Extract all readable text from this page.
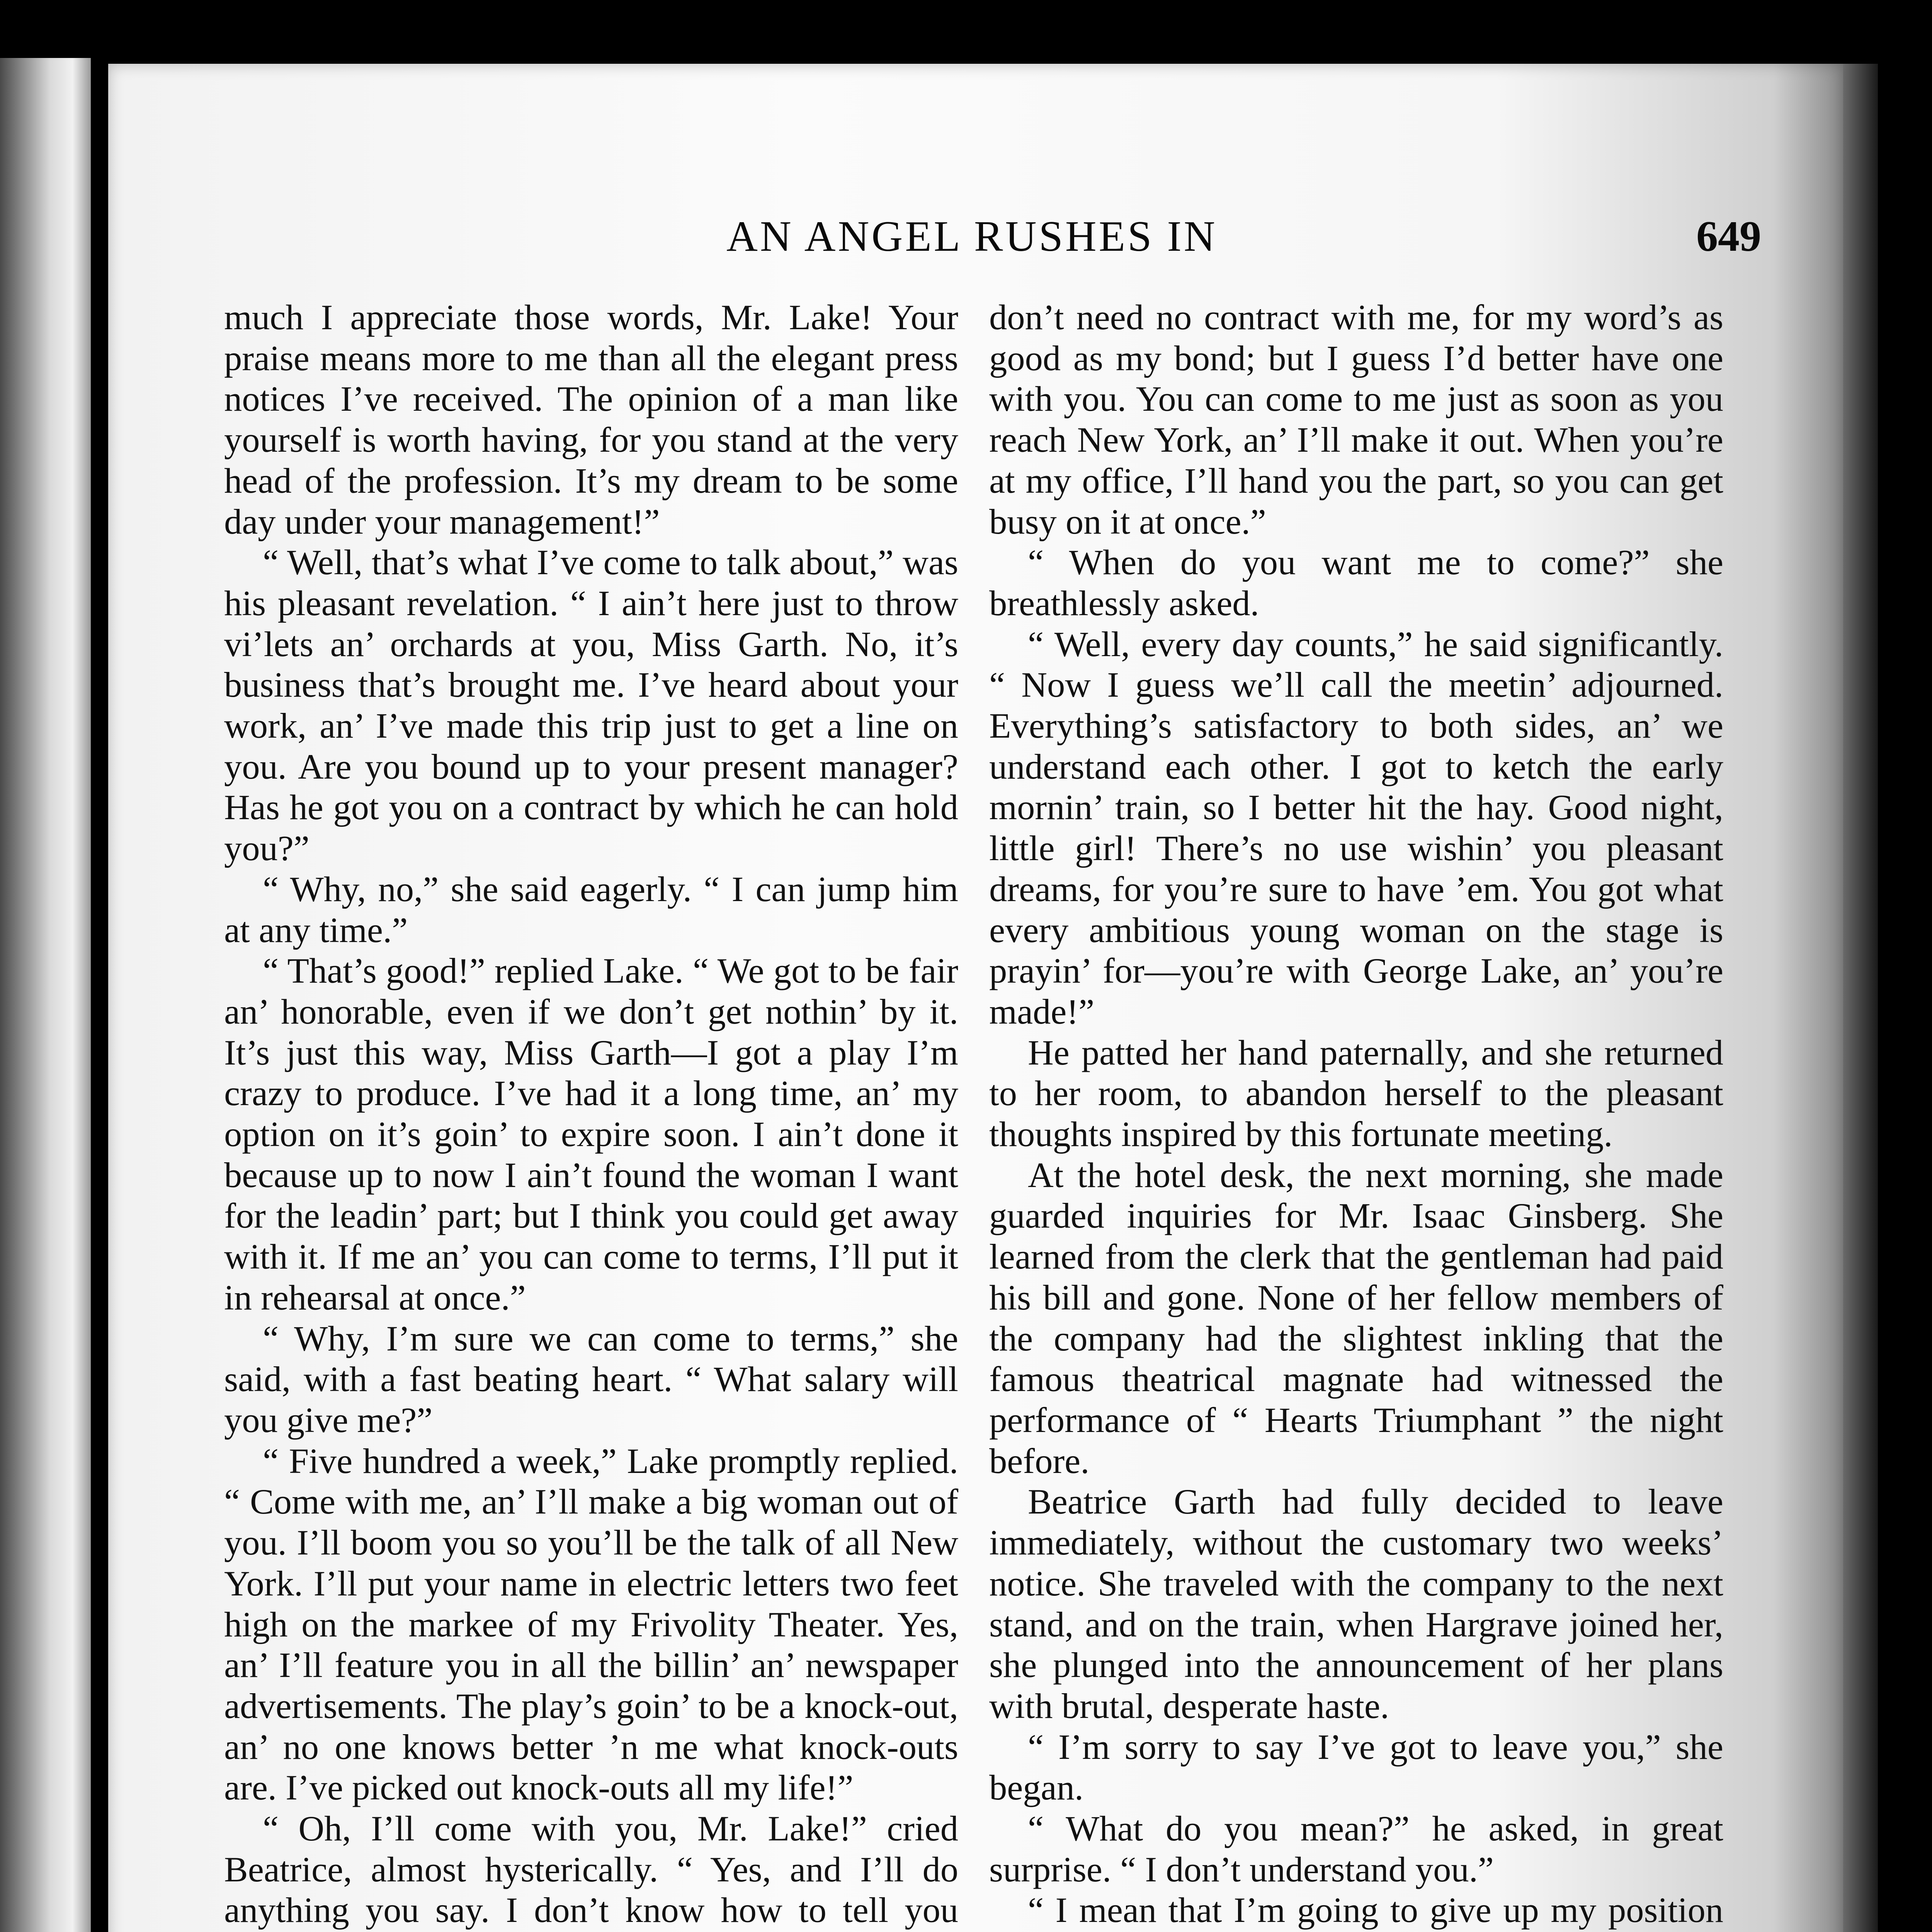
AN ANGEL RUSHES IN	649

much I appreciate those words, Mr. Lake! Your praise means more to me than all the elegant press notices I’ve received. The opinion of a man like yourself is worth having, for you stand at the very head of the profession. It’s my dream to be some day under your management!”

“ Well, that’s what I’ve come to talk about,” was his pleasant revelation. “ I ain’t here just to throw vi’lets an’ orchards at you, Miss Garth. No, it’s business that’s brought me. I’ve heard about your work, an’ I’ve made this trip just to get a line on you. Are you bound up to your present manager? Has he got you on a contract by which he can hold you?”

“ Why, no,” she said eagerly. “ I can jump him at any time.”

“ That’s good!” replied Lake. “ We got to be fair an’ honorable, even if we don’t get nothin’ by it. It’s just this way, Miss Garth—I got a play I’m crazy to produce. I’ve had it a long time, an’ my option on it’s goin’ to expire soon. I ain’t done it because up to now I ain’t found the woman I want for the leadin’ part; but I think you could get away with it. If me an’ you can come to terms, I’ll put it in rehearsal at once.”

“ Why, I’m sure we can come to terms,” she said, with a fast beating heart. “ What salary will you give me?”

“ Five hundred a week,” Lake promptly replied. “ Come with me, an’ I’ll make a big woman out of you. I’ll boom you so you’ll be the talk of all New York. I’ll put your name in electric letters two feet high on the markee of my Frivolity Theater. Yes, an’ I’ll feature you in all the billin’ an’ newspaper advertisements. The play’s goin’ to be a knock-out, an’ no one knows better ’n me what knock-outs are. I’ve picked out knock-outs all my life!”

“ Oh, I’ll come with you, Mr. Lake!” cried Beatrice, almost hysterically. “ Yes, and I’ll do anything you say. I don’t know how to tell you

don’t need no contract with me, for my word’s as good as my bond; but I guess I’d better have one with you. You can come to me just as soon as you reach New York, an’ I’ll make it out. When you’re at my office, I’ll hand you the part, so you can get busy on it at once.”

“ When do you want me to come?” she breathlessly asked.

“ Well, every day counts,” he said significantly. “ Now I guess we’ll call the meetin’ adjourned. Everything’s satisfactory to both sides, an’ we understand each other. I got to ketch the early mornin’ train, so I better hit the hay. Good night, little girl! There’s no use wishin’ you pleasant dreams, for you’re sure to have ’em. You got what every ambitious young woman on the stage is prayin’ for—you’re with George Lake, an’ you’re made!”

He patted her hand paternally, and she returned to her room, to abandon herself to the pleasant thoughts inspired by this fortunate meeting.

At the hotel desk, the next morning, she made guarded inquiries for Mr. Isaac Ginsberg. She learned from the clerk that the gentleman had paid his bill and gone. None of her fellow members of the company had the slightest inkling that the famous theatrical magnate had witnessed the performance of “ Hearts Triumphant ” the night before.

Beatrice Garth had fully decided to leave immediately, without the customary two weeks’ notice. She traveled with the company to the next stand, and on the train, when Hargrave joined her, she plunged into the announcement of her plans with brutal, desperate haste.

“ I’m sorry to say I’ve got to leave you,” she began.

“ What do you mean?” he asked, in great surprise. “ I don’t understand you.”

“ I mean that I’m going to give up my position
